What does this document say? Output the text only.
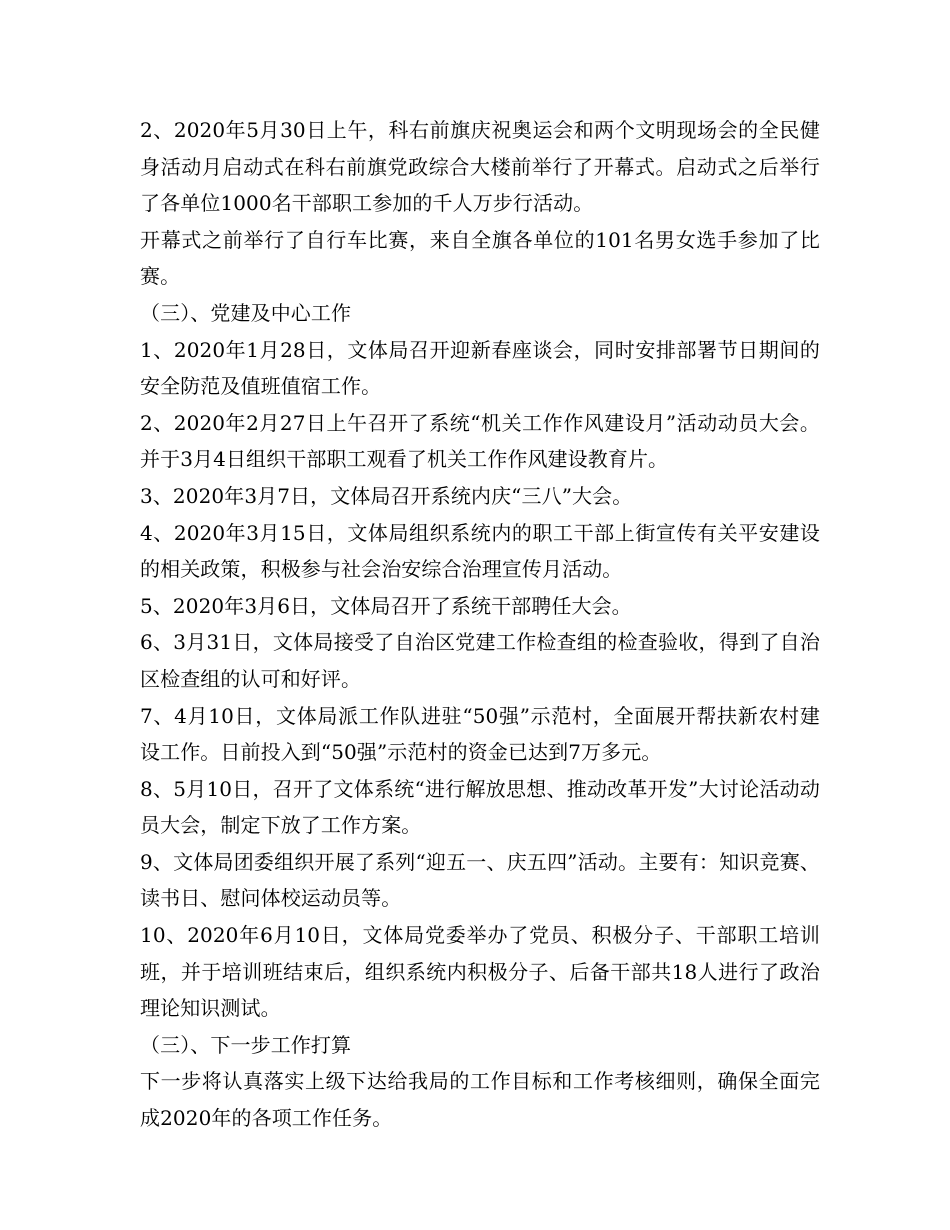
2、2020年5月30日上午，科右前旗庆祝奥运会和两个文明现场会的全民健身活动月启动式在科右前旗党政综合大楼前举行了开幕式。启动式之后举行了各单位1000名干部职工参加的千人万步行活动。

开幕式之前举行了自行车比赛，来自全旗各单位的101名男女选手参加了比赛。

（三）、党建及中心工作

1、2020年1月28日，文体局召开迎新春座谈会，同时安排部署节日期间的安全防范及值班值宿工作。

2、2020年2月27日上午召开了系统“机关工作作风建设月”活动动员大会。并于3月4日组织干部职工观看了机关工作作风建设教育片。

3、2020年3月7日，文体局召开系统内庆“三八”大会。

4、2020年3月15日，文体局组织系统内的职工干部上街宣传有关平安建设的相关政策，积极参与社会治安综合治理宣传月活动。

5、2020年3月6日，文体局召开了系统干部聘任大会。

6、3月31日，文体局接受了自治区党建工作检查组的检查验收，得到了自治区检查组的认可和好评。

7、4月10日，文体局派工作队进驻“50强”示范村，全面展开帮扶新农村建设工作。日前投入到“50强”示范村的资金已达到7万多元。

8、5月10日，召开了文体系统“进行解放思想、推动改革开发”大讨论活动动员大会，制定下放了工作方案。

9、文体局团委组织开展了系列“迎五一、庆五四”活动。主要有：知识竞赛、读书日、慰问体校运动员等。

10、2020年6月10日，文体局党委举办了党员、积极分子、干部职工培训班，并于培训班结束后，组织系统内积极分子、后备干部共18人进行了政治理论知识测试。

（三）、下一步工作打算

下一步将认真落实上级下达给我局的工作目标和工作考核细则，确保全面完成2020年的各项工作任务。
